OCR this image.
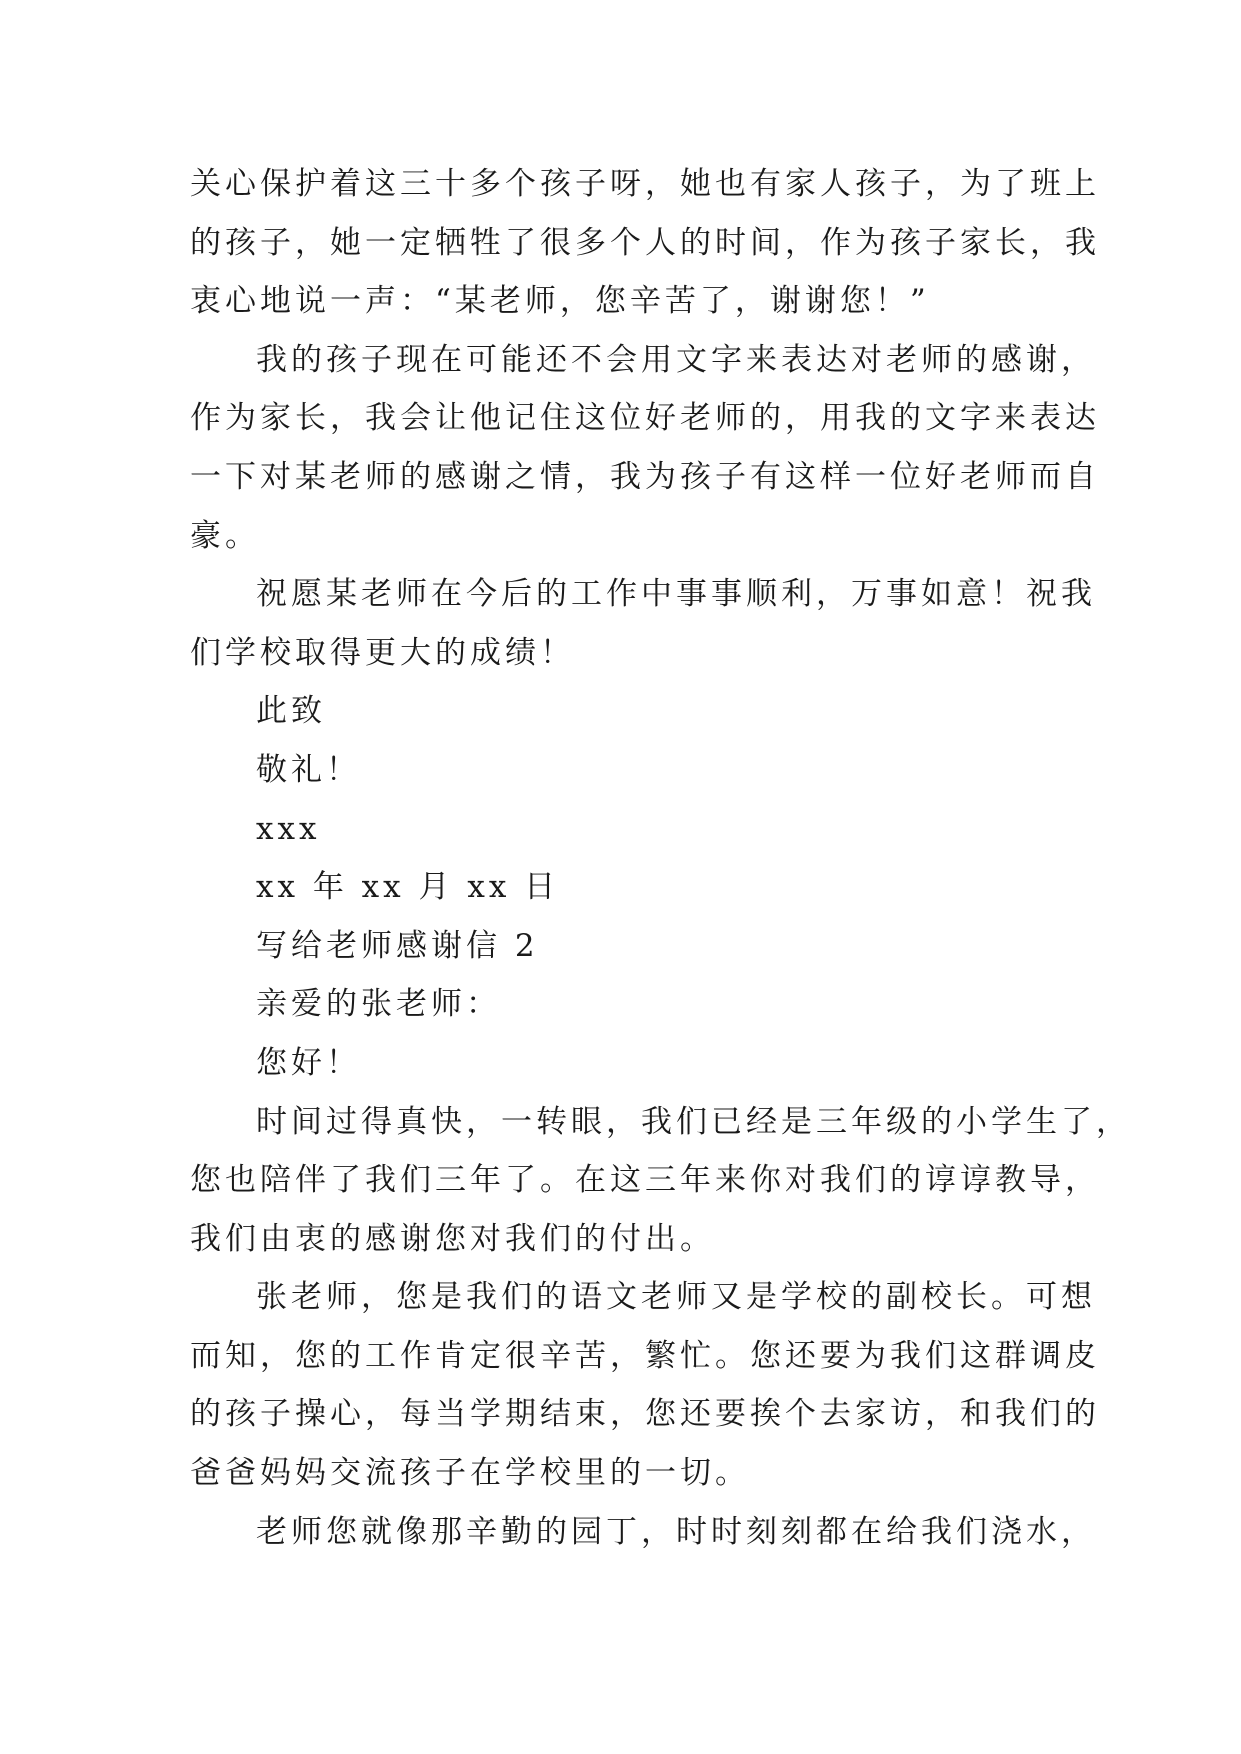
关心保护着这三十多个孩子呀，她也有家人孩子，为了班上
的孩子，她一定牺牲了很多个人的时间，作为孩子家长，我
衷心地说一声：“某老师，您辛苦了，谢谢您！”
我的孩子现在可能还不会用文字来表达对老师的感谢，
作为家长，我会让他记住这位好老师的，用我的文字来表达
一下对某老师的感谢之情，我为孩子有这样一位好老师而自
豪。
祝愿某老师在今后的工作中事事顺利，万事如意！祝我
们学校取得更大的成绩！
此致
敬礼！
xxx
xx 年 xx 月 xx 日
写给老师感谢信 2
亲爱的张老师：
您好！
时间过得真快，一转眼，我们已经是三年级的小学生了，
您也陪伴了我们三年了。在这三年来你对我们的谆谆教导，
我们由衷的感谢您对我们的付出。
张老师，您是我们的语文老师又是学校的副校长。可想
而知，您的工作肯定很辛苦，繁忙。您还要为我们这群调皮
的孩子操心，每当学期结束，您还要挨个去家访，和我们的
爸爸妈妈交流孩子在学校里的一切。
老师您就像那辛勤的园丁，时时刻刻都在给我们浇水，
